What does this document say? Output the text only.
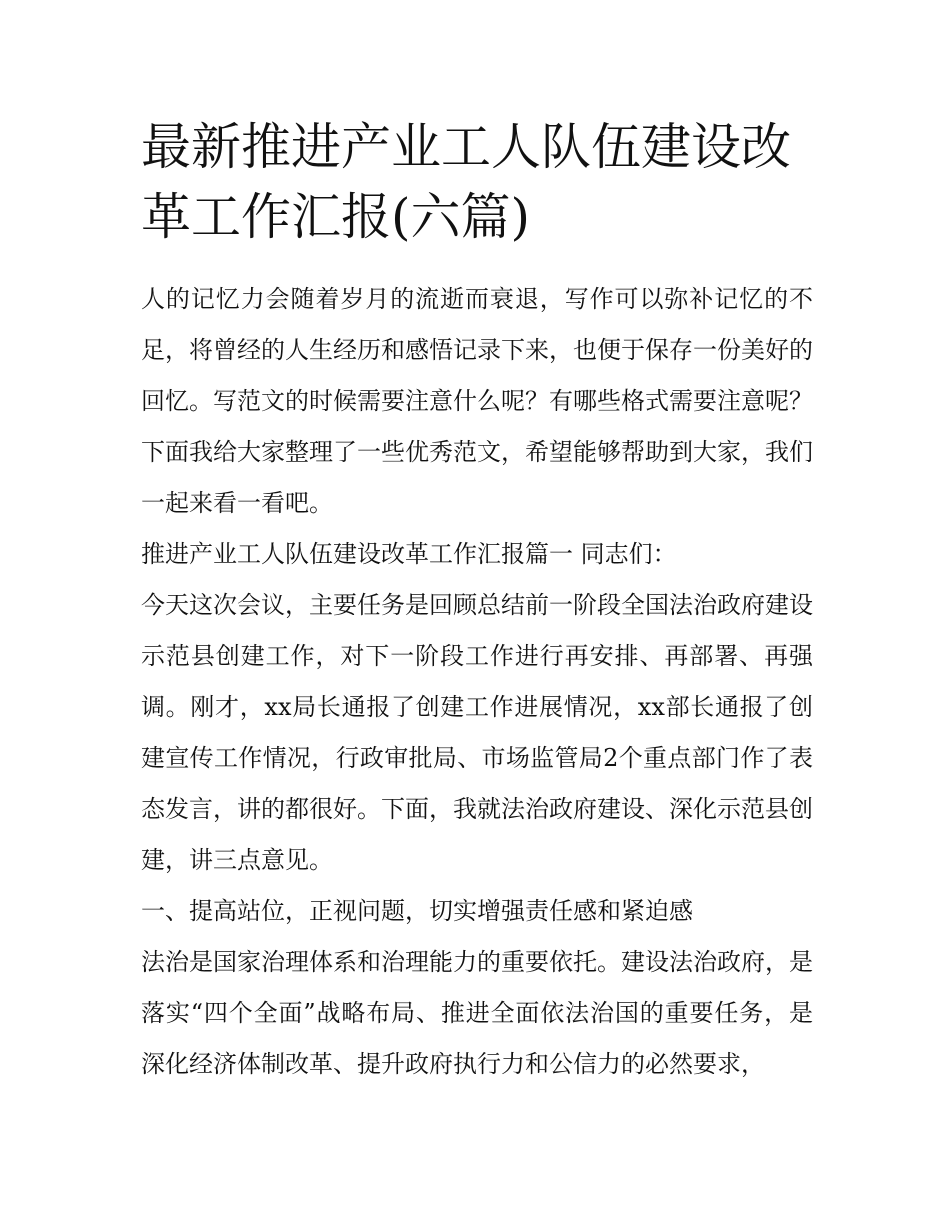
最新推进产业工人队伍建设改革工作汇报(六篇)

人的记忆力会随着岁月的流逝而衰退，写作可以弥补记忆的不足，将曾经的人生经历和感悟记录下来，也便于保存一份美好的回忆。写范文的时候需要注意什么呢？有哪些格式需要注意呢？下面我给大家整理了一些优秀范文，希望能够帮助到大家，我们一起来看一看吧。

推进产业工人队伍建设改革工作汇报篇一 同志们：

今天这次会议，主要任务是回顾总结前一阶段全国法治政府建设示范县创建工作，对下一阶段工作进行再安排、再部署、再强调。刚才，xx局长通报了创建工作进展情况，xx部长通报了创建宣传工作情况，行政审批局、市场监管局2个重点部门作了表态发言，讲的都很好。下面，我就法治政府建设、深化示范县创建，讲三点意见。

一、提高站位，正视问题，切实增强责任感和紧迫感

法治是国家治理体系和治理能力的重要依托。建设法治政府，是落实“四个全面”战略布局、推进全面依法治国的重要任务，是深化经济体制改革、提升政府执行力和公信力的必然要求，
